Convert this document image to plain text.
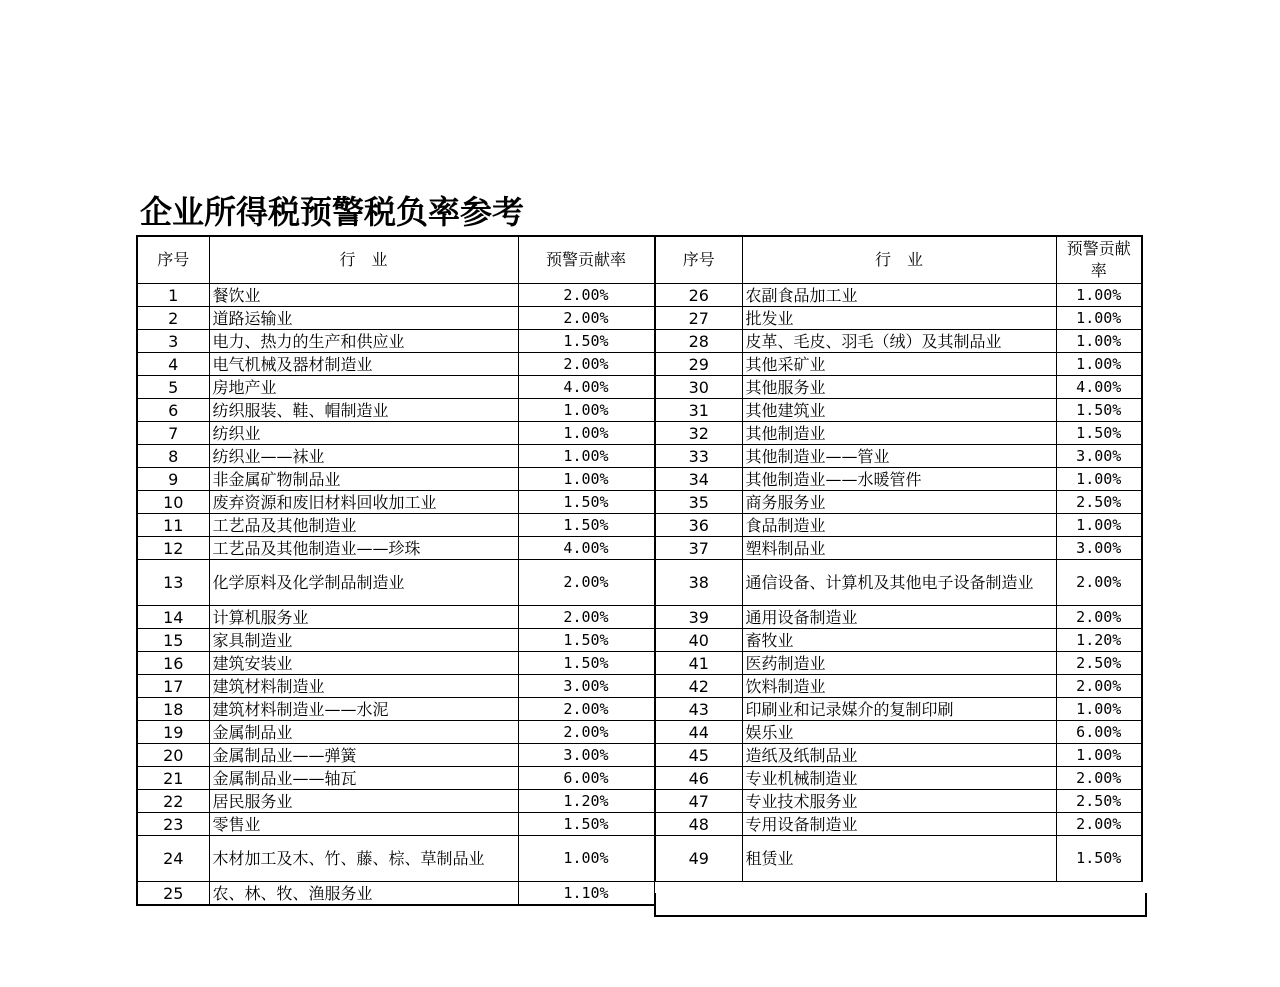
企业所得税预警税负率参考
序号	行　业	预警贡献率
1	餐饮业	2.00%
2	道路运输业	2.00%
3	电力、热力的生产和供应业	1.50%
4	电气机械及器材制造业	2.00%
5	房地产业	4.00%
6	纺织服装、鞋、帽制造业	1.00%
7	纺织业	1.00%
8	纺织业——袜业	1.00%
9	非金属矿物制品业	1.00%
10	废弃资源和废旧材料回收加工业	1.50%
11	工艺品及其他制造业	1.50%
12	工艺品及其他制造业——珍珠	4.00%
13	化学原料及化学制品制造业	2.00%
14	计算机服务业	2.00%
15	家具制造业	1.50%
16	建筑安装业	1.50%
17	建筑材料制造业	3.00%
18	建筑材料制造业——水泥	2.00%
19	金属制品业	2.00%
20	金属制品业——弹簧	3.00%
21	金属制品业——轴瓦	6.00%
22	居民服务业	1.20%
23	零售业	1.50%
24	木材加工及木、竹、藤、棕、草制品业	1.00%
25	农、林、牧、渔服务业	1.10%
序号	行　业	预警贡献率
26	农副食品加工业	1.00%
27	批发业	1.00%
28	皮革、毛皮、羽毛（绒）及其制品业	1.00%
29	其他采矿业	1.00%
30	其他服务业	4.00%
31	其他建筑业	1.50%
32	其他制造业	1.50%
33	其他制造业——管业	3.00%
34	其他制造业——水暖管件	1.00%
35	商务服务业	2.50%
36	食品制造业	1.00%
37	塑料制品业	3.00%
38	通信设备、计算机及其他电子设备制造业	2.00%
39	通用设备制造业	2.00%
40	畜牧业	1.20%
41	医药制造业	2.50%
42	饮料制造业	2.00%
43	印刷业和记录媒介的复制印刷	1.00%
44	娱乐业	6.00%
45	造纸及纸制品业	1.00%
46	专业机械制造业	2.00%
47	专业技术服务业	2.50%
48	专用设备制造业	2.00%
49	租赁业	1.50%
